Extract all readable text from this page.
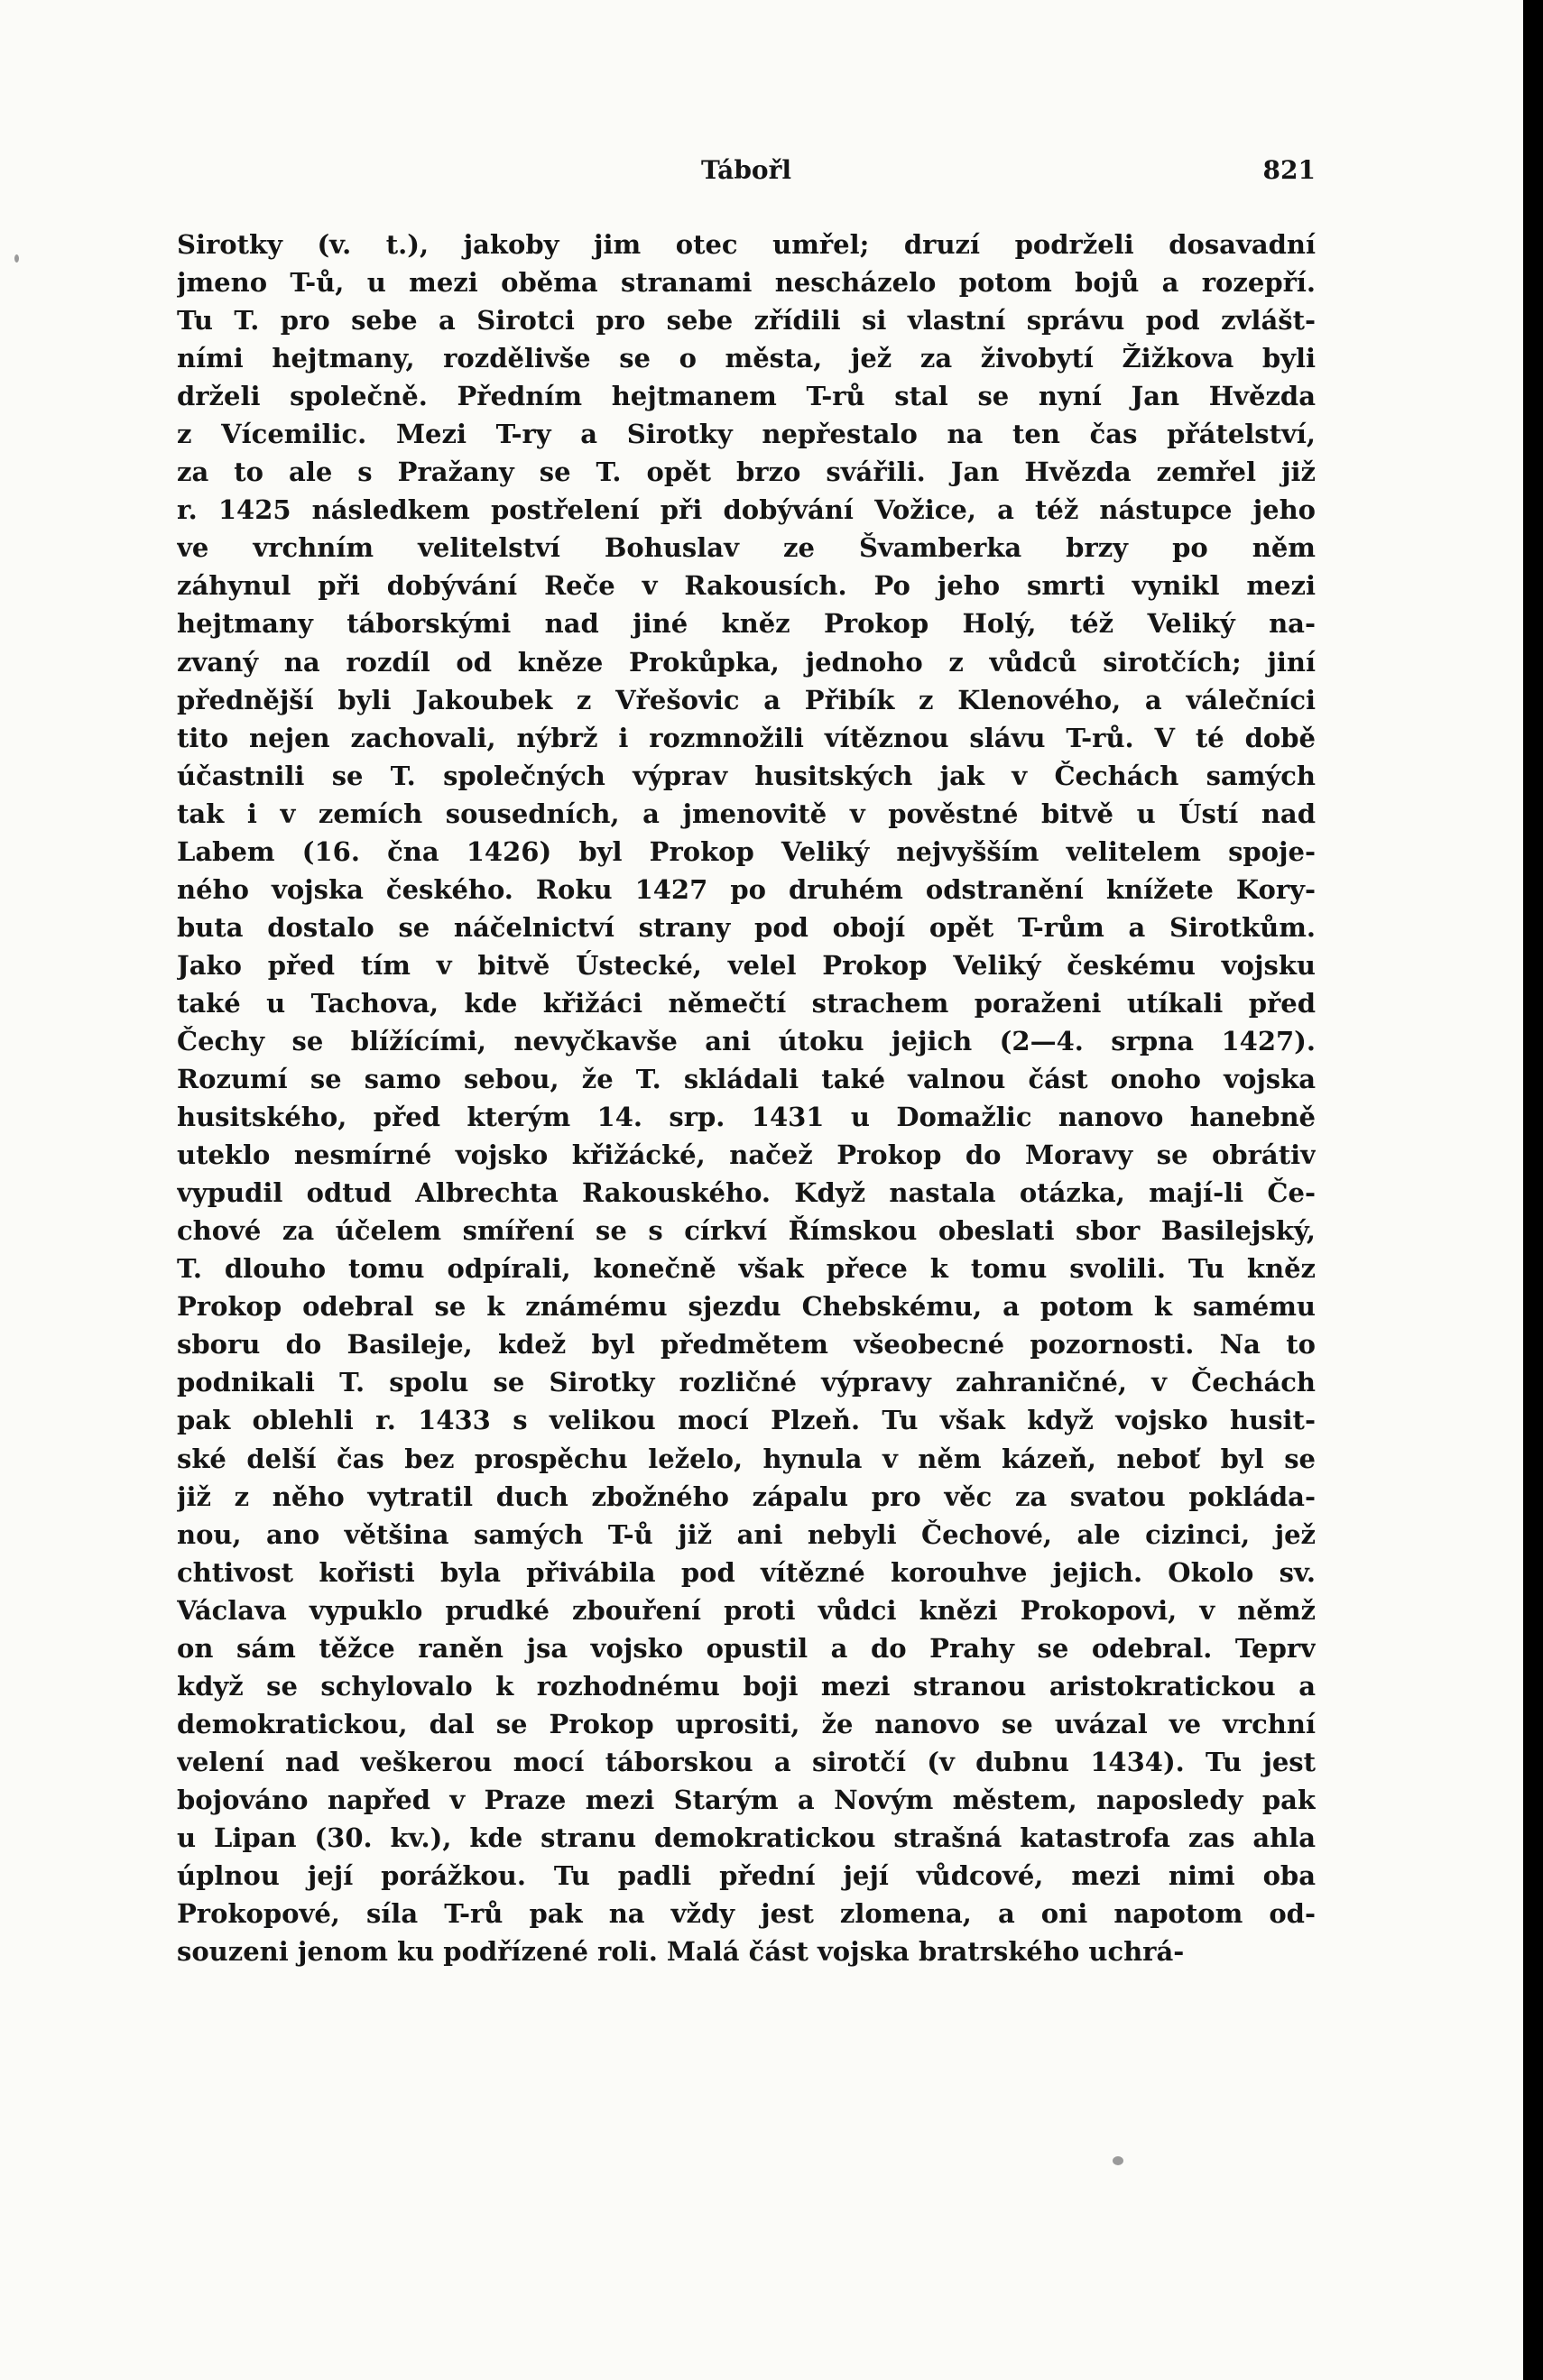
Tábořl	821
Sirotky (v. t.), jakoby jim otec umřel; druzí podrželi dosavadní
jmeno T-ů, u mezi oběma stranami nescházelo potom bojů a rozepří.
Tu T. pro sebe a Sirotci pro sebe zřídili si vlastní správu pod zvlášt-
ními hejtmany, rozdělivše se o města, jež za živobytí Žižkova byli
drželi společně. Předním hejtmanem T-rů stal se nyní Jan Hvězda
z Vícemilic. Mezi T-ry a Sirotky nepřestalo na ten čas přátelství,
za to ale s Pražany se T. opět brzo svářili. Jan Hvězda zemřel již
r. 1425 následkem postřelení při dobývání Vožice, a též nástupce jeho
ve vrchním velitelství Bohuslav ze Švamberka brzy po něm
záhynul při dobývání Reče v Rakousích. Po jeho smrti vynikl mezi
hejtmany táborskými nad jiné kněz Prokop Holý, též Veliký na-
zvaný na rozdíl od kněze Prokůpka, jednoho z vůdců sirotčích; jiní
přednější byli Jakoubek z Vřešovic a Přibík z Klenového, a válečníci
tito nejen zachovali, nýbrž i rozmnožili vítěznou slávu T-rů. V té době
účastnili se T. společných výprav husitských jak v Čechách samých
tak i v zemích sousedních, a jmenovitě v pověstné bitvě u Ústí nad
Labem (16. čna 1426) byl Prokop Veliký nejvyšším velitelem spoje-
ného vojska českého. Roku 1427 po druhém odstranění knížete Kory-
buta dostalo se náčelnictví strany pod obojí opět T-rům a Sirotkům.
Jako před tím v bitvě Ústecké, velel Prokop Veliký českému vojsku
také u Tachova, kde křižáci němečtí strachem poraženi utíkali před
Čechy se blížícími, nevyčkavše ani útoku jejich (2—4. srpna 1427).
Rozumí se samo sebou, že T. skládali také valnou část onoho vojska
husitského, před kterým 14. srp. 1431 u Domažlic nanovo hanebně
uteklo nesmírné vojsko křižácké, načež Prokop do Moravy se obrátiv
vypudil odtud Albrechta Rakouského. Když nastala otázka, mají-li Če-
chové za účelem smíření se s církví Římskou obeslati sbor Basilejský,
T. dlouho tomu odpírali, konečně však přece k tomu svolili. Tu kněz
Prokop odebral se k známému sjezdu Chebskému, a potom k samému
sboru do Basileje, kdež byl předmětem všeobecné pozornosti. Na to
podnikali T. spolu se Sirotky rozličné výpravy zahraničné, v Čechách
pak oblehli r. 1433 s velikou mocí Plzeň. Tu však když vojsko husit-
ské delší čas bez prospěchu leželo, hynula v něm kázeň, neboť byl se
již z něho vytratil duch zbožného zápalu pro věc za svatou pokláda-
nou, ano většina samých T-ů již ani nebyli Čechové, ale cizinci, jež
chtivost kořisti byla přivábila pod vítězné korouhve jejich. Okolo sv.
Václava vypuklo prudké zbouření proti vůdci knězi Prokopovi, v němž
on sám těžce raněn jsa vojsko opustil a do Prahy se odebral. Teprv
když se schylovalo k rozhodnému boji mezi stranou aristokratickou a
demokratickou, dal se Prokop uprositi, že nanovo se uvázal ve vrchní
velení nad veškerou mocí táborskou a sirotčí (v dubnu 1434). Tu jest
bojováno napřed v Praze mezi Starým a Novým městem, naposledy pak
u Lipan (30. kv.), kde stranu demokratickou strašná katastrofa zas ahla
úplnou její porážkou. Tu padli přední její vůdcové, mezi nimi oba
Prokopové, síla T-rů pak na vždy jest zlomena, a oni napotom od-
souzeni jenom ku podřízené roli. Malá část vojska bratrského uchrá-
